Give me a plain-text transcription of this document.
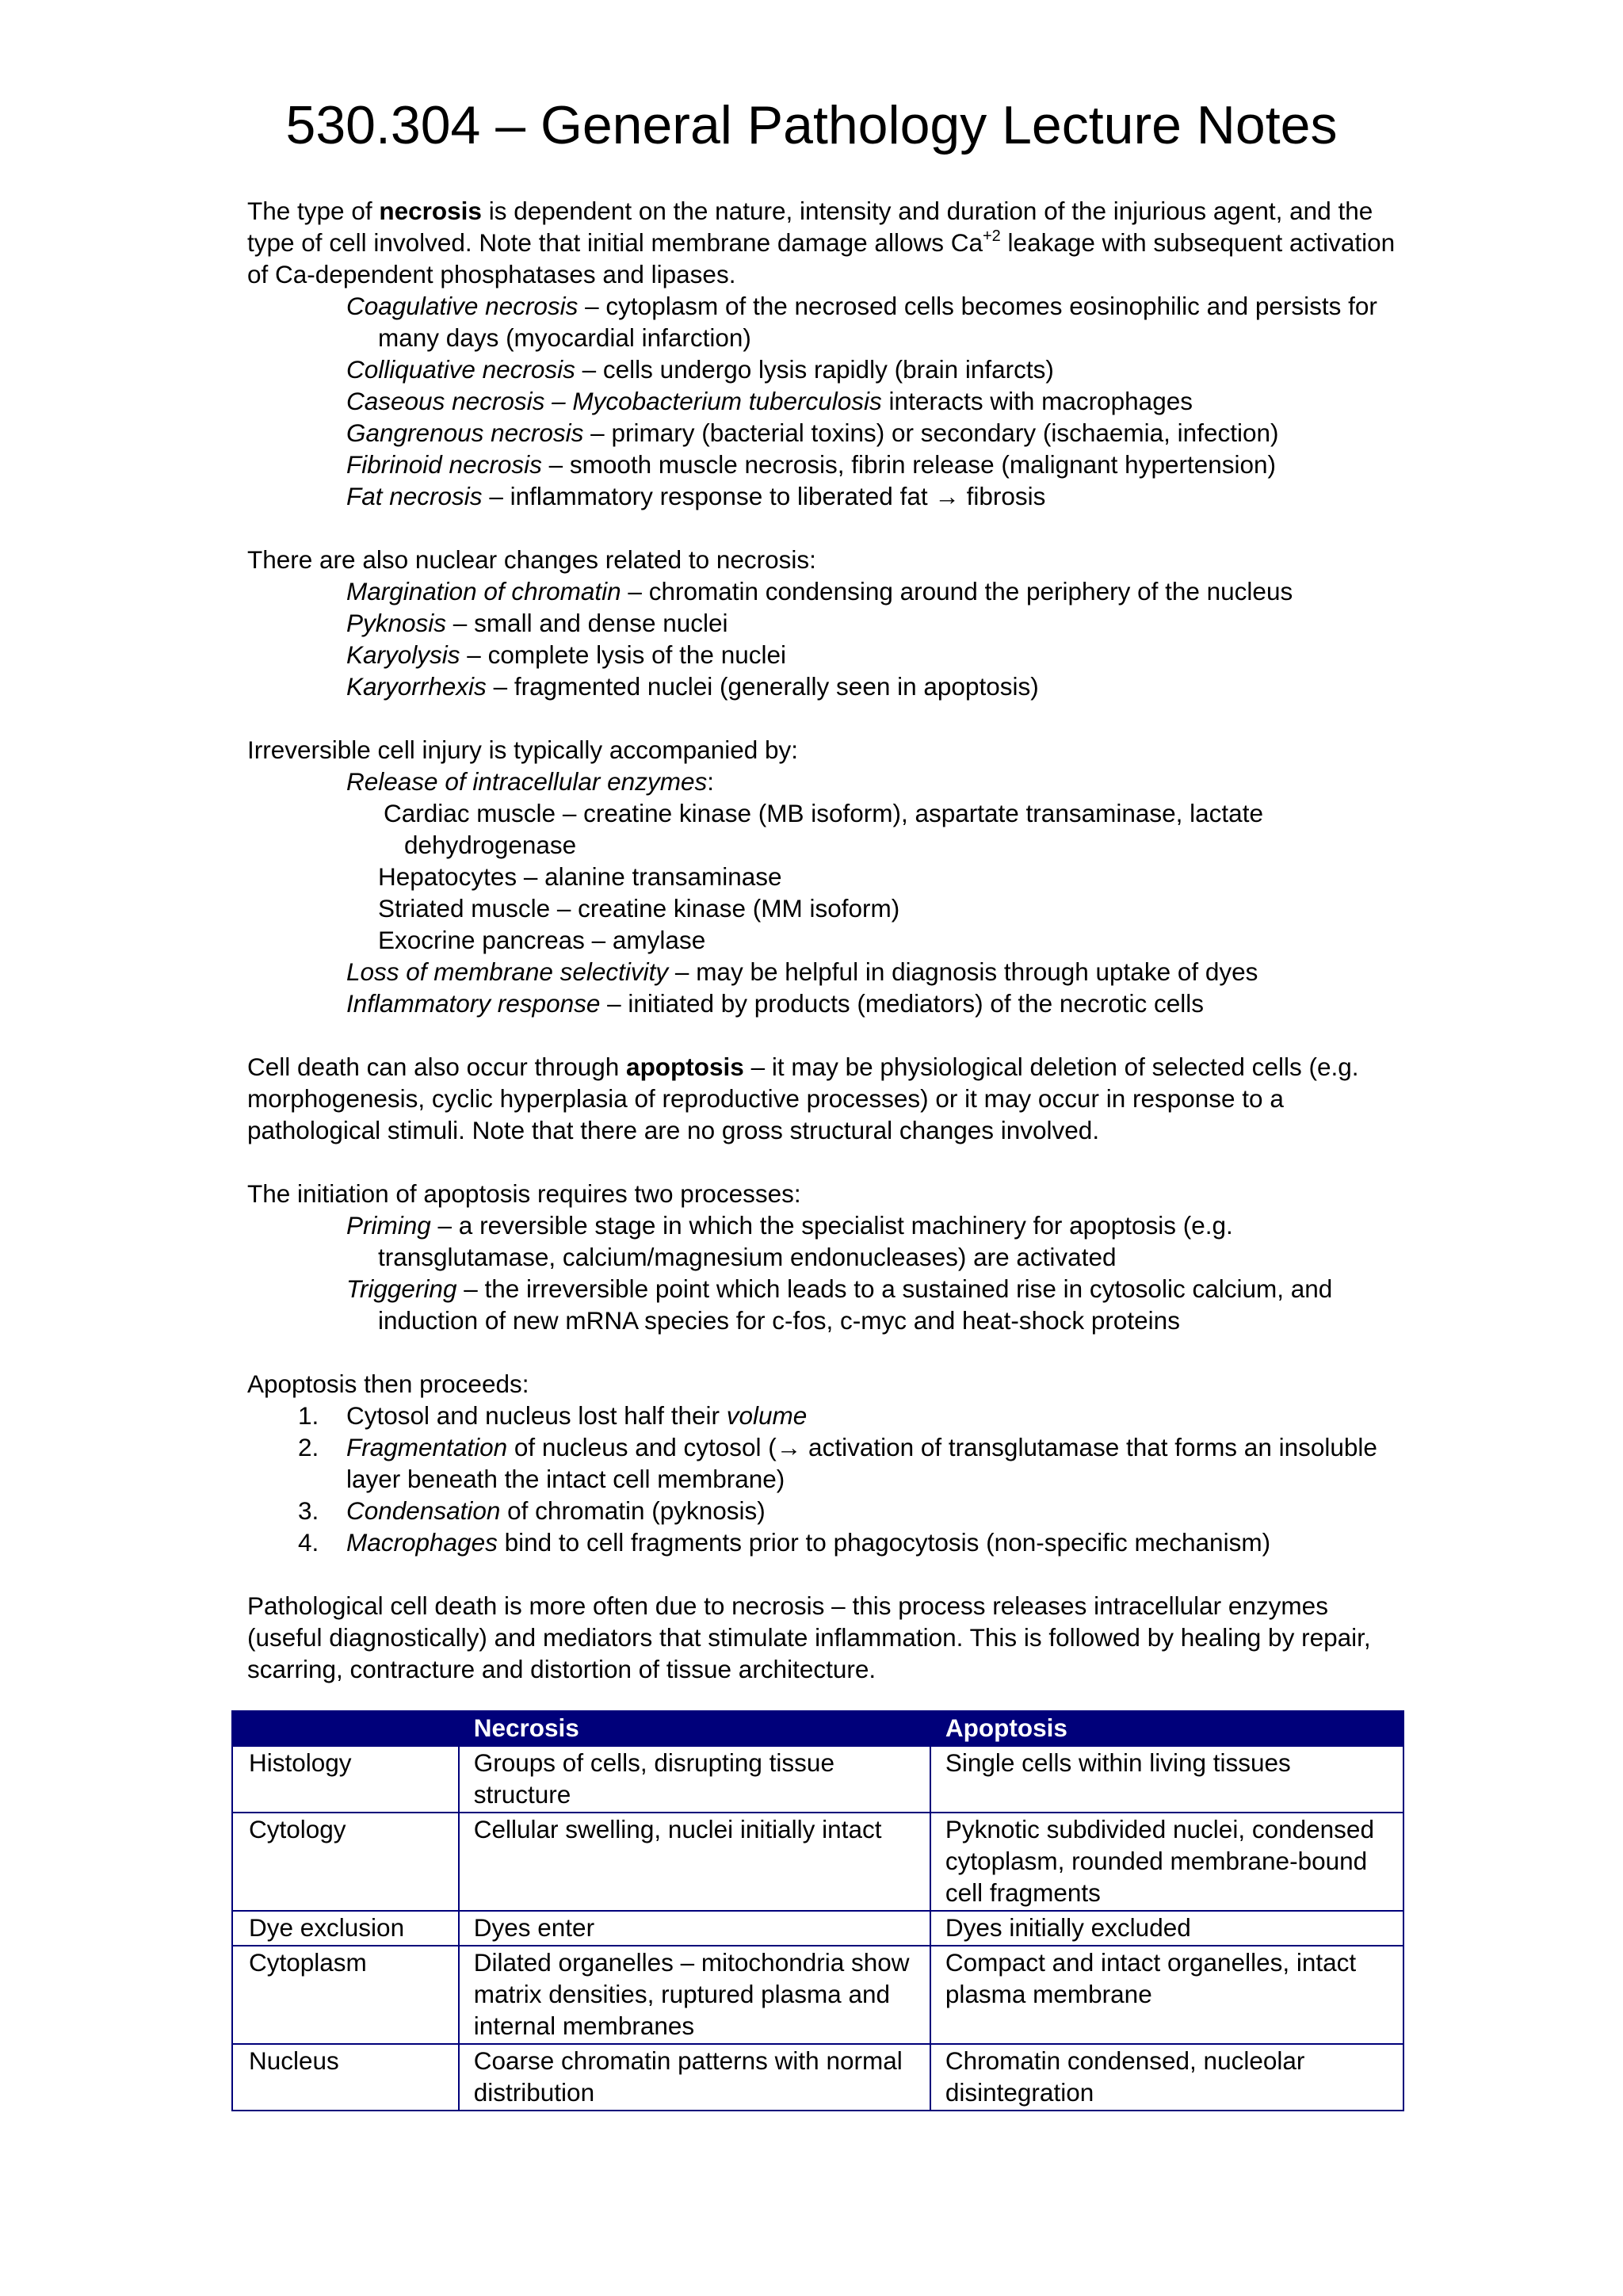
530.304 – General Pathology Lecture Notes

The type of necrosis is dependent on the nature, intensity and duration of the injurious agent, and the type of cell involved. Note that initial membrane damage allows $Ca^{+2}$ leakage with subsequent activation of Ca-dependent phosphatases and lipases.

Coagulative necrosis – cytoplasm of the necrosed cells becomes eosinophilic and persists for many days (myocardial infarction)

Colliquative necrosis – cells undergo lysis rapidly (brain infarcts)

Caseous necrosis – Mycobacterium tuberculosis interacts with macrophages

Gangrenous necrosis – primary (bacterial toxins) or secondary (ischaemia, infection)

Fibrinoid necrosis – smooth muscle necrosis, fibrin release (malignant hypertension)

Fat necrosis – inflammatory response to liberated fat → fibrosis

There are also nuclear changes related to necrosis:

Margination of chromatin – chromatin condensing around the periphery of the nucleus

Pyknosis – small and dense nuclei

Karyolysis – complete lysis of the nuclei

Karyorrhexis – fragmented nuclei (generally seen in apoptosis)

Irreversible cell injury is typically accompanied by:

Release of intracellular enzymes:

Cardiac muscle – creatine kinase (MB isoform), aspartate transaminase, lactate dehydrogenase

Hepatocytes – alanine transaminase

Striated muscle – creatine kinase (MM isoform)

Exocrine pancreas – amylase

Loss of membrane selectivity – may be helpful in diagnosis through uptake of dyes

Inflammatory response – initiated by products (mediators) of the necrotic cells

Cell death can also occur through apoptosis – it may be physiological deletion of selected cells (e.g. morphogenesis, cyclic hyperplasia of reproductive processes) or it may occur in response to a pathological stimuli. Note that there are no gross structural changes involved.

The initiation of apoptosis requires two processes:

Priming – a reversible stage in which the specialist machinery for apoptosis (e.g. transglutamase, calcium/magnesium endonucleases) are activated

Triggering – the irreversible point which leads to a sustained rise in cytosolic calcium, and induction of new mRNA species for c-fos, c-myc and heat-shock proteins

Apoptosis then proceeds:

1.	Cytosol and nucleus lost half their volume
2.	Fragmentation of nucleus and cytosol (→ activation of transglutamase that forms an insoluble layer beneath the intact cell membrane)
3.	Condensation of chromatin (pyknosis)
4.	Macrophages bind to cell fragments prior to phagocytosis (non-specific mechanism)

Pathological cell death is more often due to necrosis – this process releases intracellular enzymes (useful diagnostically) and mediators that stimulate inflammation. This is followed by healing by repair, scarring, contracture and distortion of tissue architecture.

	Necrosis	Apoptosis
Histology	Groups of cells, disrupting tissue structure	Single cells within living tissues
Cytology	Cellular swelling, nuclei initially intact	Pyknotic subdivided nuclei, condensed cytoplasm, rounded membrane-bound cell fragments
Dye exclusion	Dyes enter	Dyes initially excluded
Cytoplasm	Dilated organelles – mitochondria show matrix densities, ruptured plasma and internal membranes	Compact and intact organelles, intact plasma membrane
Nucleus	Coarse chromatin patterns with normal distribution	Chromatin condensed, nucleolar disintegration
